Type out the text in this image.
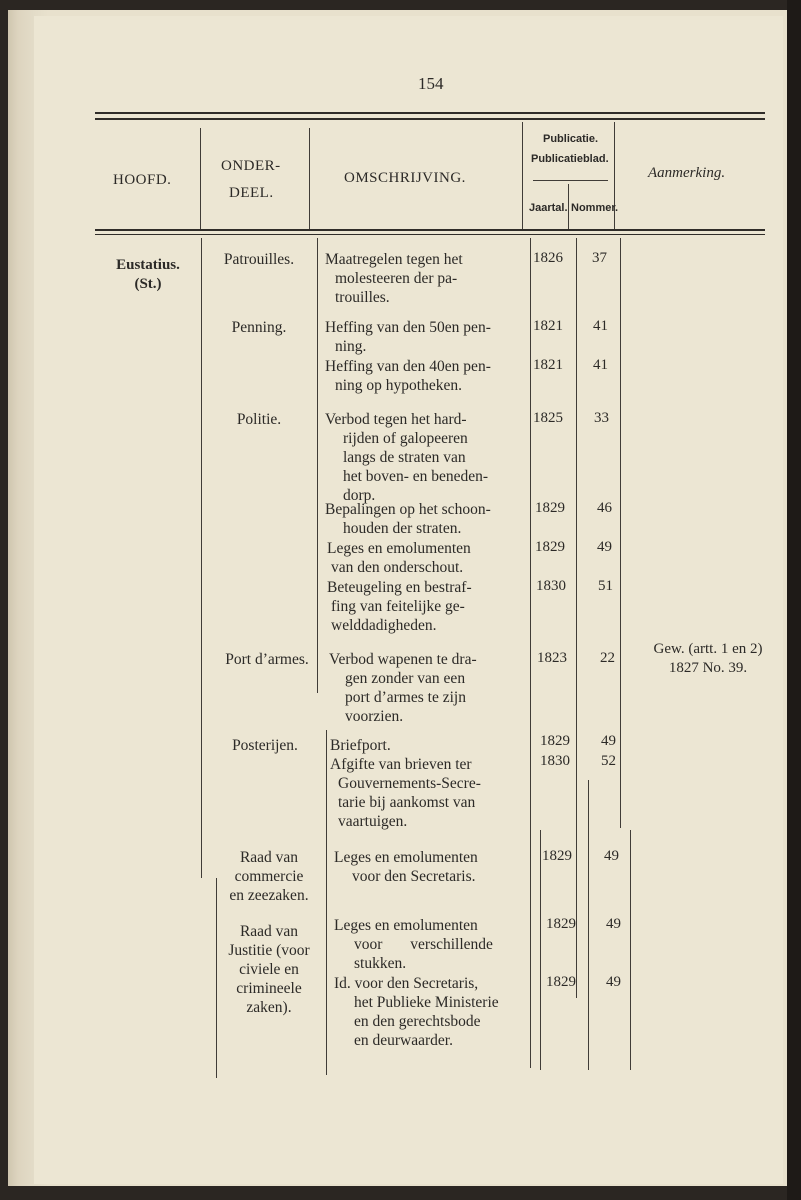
154
HOOFD.
ONDER-
DEEL.
OMSCHRIJVING.
Publicatie.
Publicatieblad.
Jaartal. Nommer.
Aanmerking.
Eustatius.
(St.)
Patrouilles.
Penning.
Politie.
Port d’armes.
Posterijen.
Raad van
commercie
en zeezaken.
Raad van
Justitie (voor
civiele en
crimineele
zaken).
Maatregelen tegen het
molesteeren der pa-
trouilles.
Heffing van den 50en pen-
ning.
Heffing van den 40en pen-
ning op hypotheken.
Verbod tegen het hard-
rijden of galopeeren
langs de straten van
het boven- en beneden-
dorp.
Bepalingen op het schoon-
houden der straten.
Leges en emolumenten
van den onderschout.
Beteugeling en bestraf-
fing van feitelijke ge-
welddadigheden.
Verbod wapenen te dra-
gen zonder van een
port d’armes te zijn
voorzien.
Briefport.
Afgifte van brieven ter
Gouvernements-Secre-
tarie bij aankomst van
vaartuigen.
Leges en emolumenten
voor den Secretaris.
Leges en emolumenten
voor verschillende
stukken.
Id. voor den Secretaris,
het Publieke Ministerie
en den gerechtsbode
en deurwaarder.
1826
1821
1821
1825
1829
1829
1830
1823
1829
1830
1829
1829
1829
37
41
41
33
46
49
51
22
49
52
49
49
49
Gew. (artt. 1 en 2)
1827 No. 39.
